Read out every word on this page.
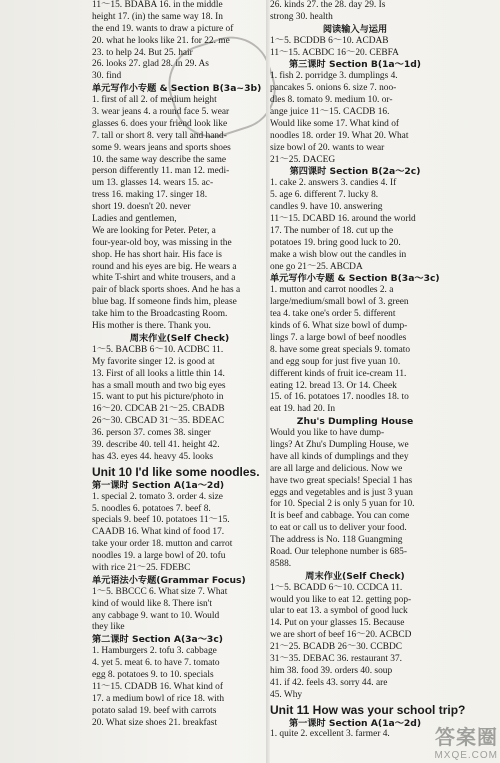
11～15. BDABA 16. in the middle
height 17. (in) the same way 18. In
the end 19. wants to draw a picture of
20. what he looks like 21. for 22. me
23. to help 24. But 25. hair
26. looks 27. glad 28. in 29. As
30. find
单元写作小专题 & Section B(3a~3b)
1. first of all 2. of medium height
3. wear jeans 4. a round face 5. wear
glasses 6. does your friend look like
7. tall or short 8. very tall and hand-
some 9. wears jeans and sports shoes
10. the same way describe the same
person differently 11. man 12. medi-
um 13. glasses 14. wears 15. ac-
tress 16. making 17. singer 18.
short 19. doesn't 20. never
Ladies and gentlemen,
We are looking for Peter. Peter, a
four-year-old boy, was missing in the
shop. He has short hair. His face is
round and his eyes are big. He wears a
white T-shirt and white trousers, and a
pair of black sports shoes. And he has a
blue bag. If someone finds him, please
take him to the Broadcasting Room.
His mother is there. Thank you.
周末作业(Self Check)
1～5. BACBB 6～10. ACDBC 11.
My favorite singer 12. is good at
13. First of all looks a little thin 14.
has a small mouth and two big eyes
15. want to put his picture/photo in
16～20. CDCAB 21～25. CBADB
26～30. CBCAD 31～35. BDEAC
36. person 37. comes 38. singer
39. describe 40. tell 41. height 42.
has 43. eyes 44. heavy 45. looks
Unit 10 I'd like some noodles.
第一课时 Section A(1a～2d)
1. special 2. tomato 3. order 4. size
5. noodles 6. potatoes 7. beef 8.
specials 9. beef 10. potatoes 11～15.
CAADB 16. What kind of food 17.
take your order 18. mutton and carrot
noodles 19. a large bowl of 20. tofu
with rice 21～25. FDEBC
单元语法小专题(Grammar Focus)
1～5. BBCCC 6. What size 7. What
kind of would like 8. There isn't
any cabbage 9. want to 10. Would
they like
第二课时 Section A(3a～3c)
1. Hamburgers 2. tofu 3. cabbage
4. yet 5. meat 6. to have 7. tomato
egg 8. potatoes 9. to 10. specials
11～15. CDADB 16. What kind of
17. a medium bowl of rice 18. with
potato salad 19. beef with carrots
20. What size shoes 21. breakfast
26. kinds 27. the 28. day 29. Is
strong 30. health
阅读输入与运用
1～5. BCDDB 6～10. ACDAB
11～15. ACBDC 16～20. CEBFA
第三课时 Section B(1a～1d)
1. fish 2. porridge 3. dumplings 4.
pancakes 5. onions 6. size 7. noo-
dles 8. tomato 9. medium 10. or-
ange juice 11～15. CACDB 16.
Would like some 17. What kind of
noodles 18. order 19. What 20. What
size bowl of 20. wants to wear
21～25. DACEG
第四课时 Section B(2a～2c)
1. cake 2. answers 3. candies 4. If
5. age 6. different 7. lucky 8.
candles 9. have 10. answering
11～15. DCABD 16. around the world
17. The number of 18. cut up the
potatoes 19. bring good luck to 20.
make a wish blow out the candles in
one go 21～25. ABCDA
单元写作小专题 & Section B(3a～3c)
1. mutton and carrot noodles 2. a
large/medium/small bowl of 3. green
tea 4. take one's order 5. different
kinds of 6. What size bowl of dump-
lings 7. a large bowl of beef noodles
8. have some great specials 9. tomato
and egg soup for just five yuan 10.
different kinds of fruit ice-cream 11.
eating 12. bread 13. Or 14. Cheek
15. of 16. potatoes 17. noodles 18. to
eat 19. had 20. In
Zhu's Dumpling House
Would you like to have dump-
lings? At Zhu's Dumpling House, we
have all kinds of dumplings and they
are all large and delicious. Now we
have two great specials! Special 1 has
eggs and vegetables and is just 3 yuan
for 10. Special 2 is only 5 yuan for 10.
It is beef and cabbage. You can come
to eat or call us to deliver your food.
The address is No. 118 Guangming
Road. Our telephone number is 685-
8588.
周末作业(Self Check)
1～5. BCADD 6～10. CCDCA 11.
would you like to eat 12. getting pop-
ular to eat 13. a symbol of good luck
14. Put on your glasses 15. Because
we are short of beef 16～20. ACBCD
21～25. BCADB 26～30. CCBDC
31～35. DEBAC 36. restaurant 37.
him 38. food 39. orders 40. soup
41. if 42. feels 43. sorry 44. are
45. Why
Unit 11 How was your school trip?
第一课时 Section A(1a～2d)
1. quite 2. excellent 3. farmer 4.	答案圈
MXQE.COM
